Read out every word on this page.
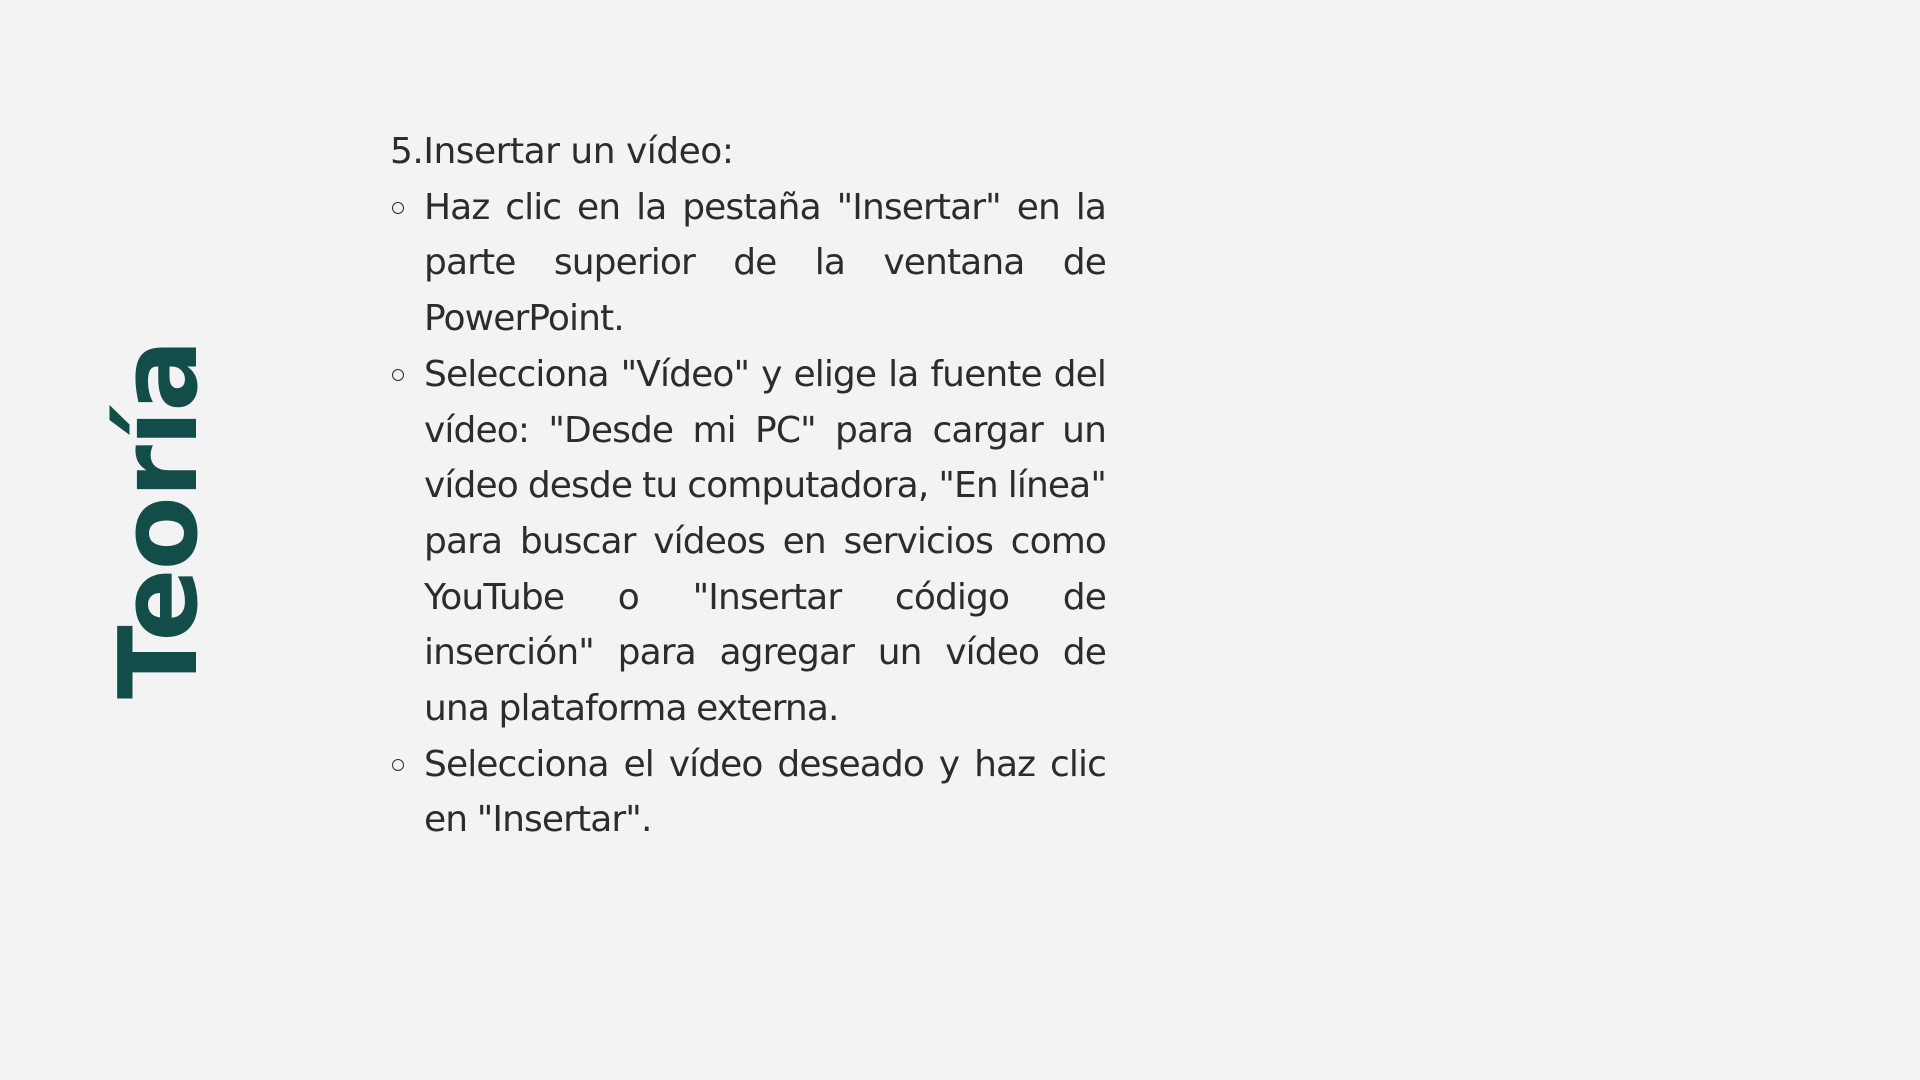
Teoría

5.Insertar un vídeo:

Haz clic en la pestaña "Insertar" en la parte superior de la ventana de PowerPoint.
Selecciona "Vídeo" y elige la fuente del vídeo: "Desde mi PC" para cargar un vídeo desde tu computadora, "En línea" para buscar vídeos en servicios como YouTube o "Insertar código de inserción" para agregar un vídeo de una plataforma externa.
Selecciona el vídeo deseado y haz clic en "Insertar".
